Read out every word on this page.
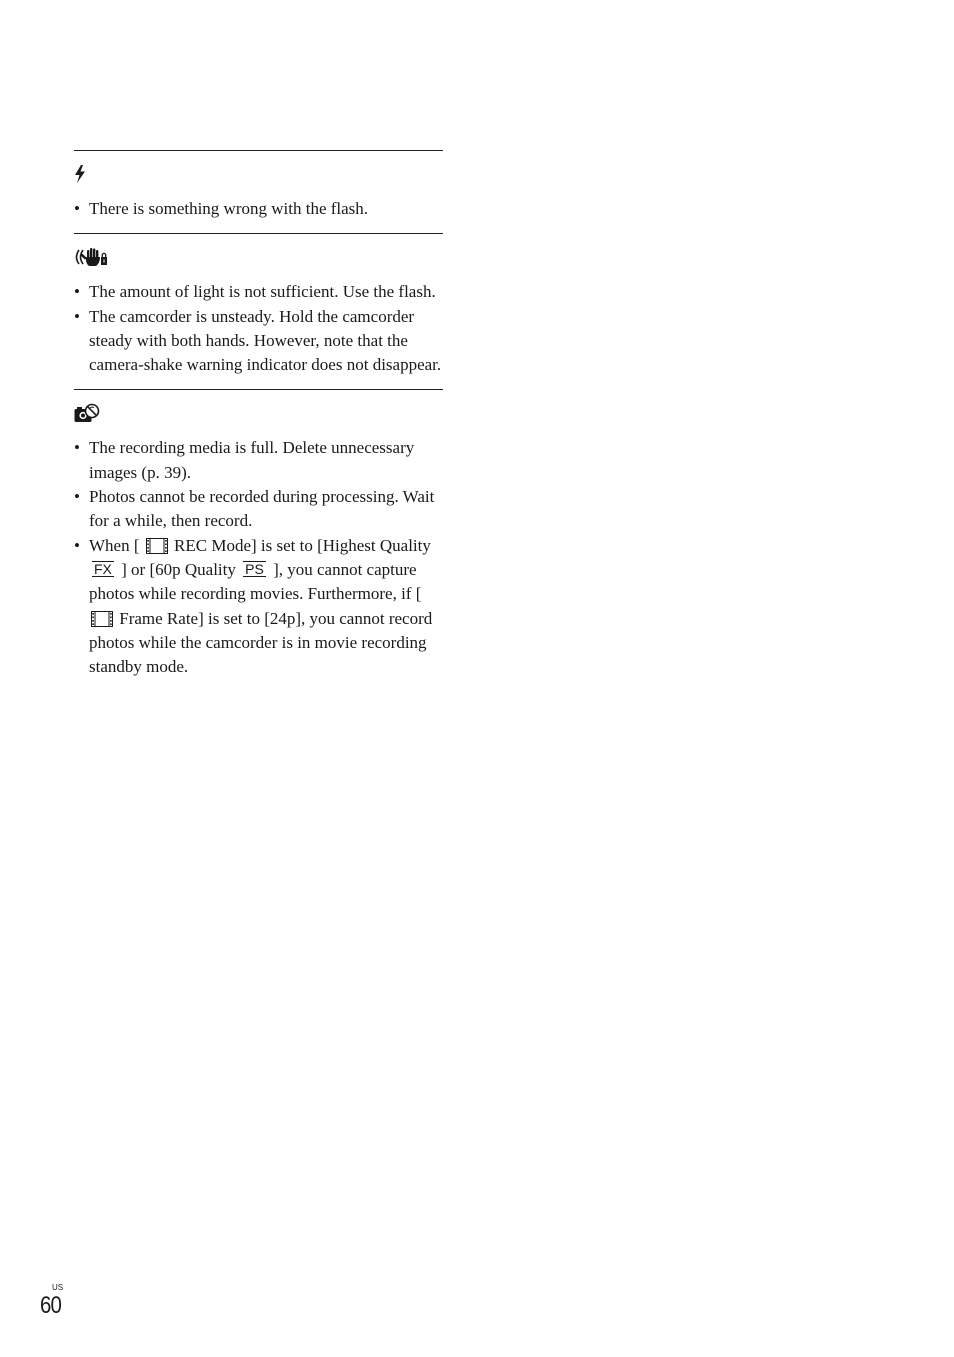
• There is something wrong with the flash.
• The amount of light is not sufficient. Use the flash.
• The camcorder is unsteady. Hold the camcorder steady with both hands. However, note that the camera-shake warning indicator does not disappear.
• The recording media is full. Delete unnecessary images (p. 39).
• Photos cannot be recorded during processing. Wait for a while, then record.
• When [ REC Mode] is set to [Highest Quality FX ] or [60p Quality PS ], you cannot capture photos while recording movies. Furthermore, if [  Frame Rate] is set to [24p], you cannot record photos while the camcorder is in movie recording standby mode.
US
60
